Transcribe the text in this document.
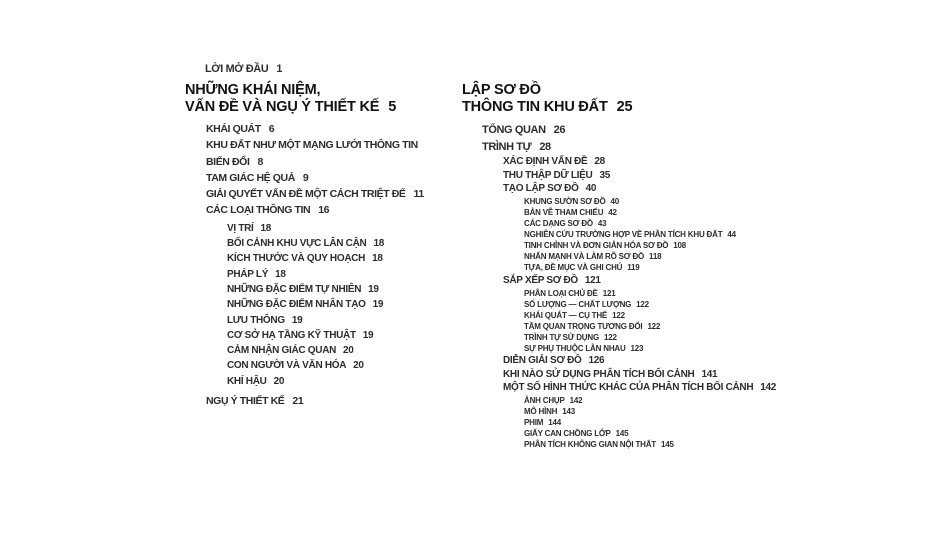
LỜI MỞ ĐẦU 1
NHỮNG KHÁI NIỆM,
VẤN ĐỀ VÀ NGỤ Ý THIẾT KẾ 5
KHÁI QUÁT 6
KHU ĐẤT NHƯ MỘT MẠNG LƯỚI THÔNG TIN
BIẾN ĐỔI 8
TAM GIÁC HỆ QUẢ 9
GIẢI QUYẾT VẤN ĐỀ MỘT CÁCH TRIỆT ĐỂ 11
CÁC LOẠI THÔNG TIN 16
VỊ TRÍ 18
BỐI CẢNH KHU VỰC LÂN CẬN 18
KÍCH THƯỚC VÀ QUY HOẠCH 18
PHÁP LÝ 18
NHỮNG ĐẶC ĐIỂM TỰ NHIÊN 19
NHỮNG ĐẶC ĐIỂM NHÂN TẠO 19
LƯU THÔNG 19
CƠ SỞ HẠ TẦNG KỸ THUẬT 19
CẢM NHẬN GIÁC QUAN 20
CON NGƯỜI VÀ VĂN HÓA 20
KHÍ HẬU 20
NGỤ Ý THIẾT KẾ 21
LẬP SƠ ĐỒ
THÔNG TIN KHU ĐẤT 25
TỔNG QUAN 26
TRÌNH TỰ 28
XÁC ĐỊNH VẤN ĐỀ 28
THU THẬP DỮ LIỆU 35
TẠO LẬP SƠ ĐỒ 40
KHUNG SƯỜN SƠ ĐỒ 40
BẢN VẼ THAM CHIẾU 42
CÁC DẠNG SƠ ĐỒ 43
NGHIÊN CỨU TRƯỜNG HỢP VỀ PHÂN TÍCH KHU ĐẤT 44
TINH CHỈNH VÀ ĐƠN GIẢN HÓA SƠ ĐỒ 108
NHẤN MẠNH VÀ LÀM RÕ SƠ ĐỒ 118
TỰA, ĐỀ MỤC VÀ GHI CHÚ 119
SẮP XẾP SƠ ĐỒ 121
PHÂN LOẠI CHỦ ĐỀ 121
SỐ LƯỢNG — CHẤT LƯỢNG 122
KHÁI QUÁT — CỤ THỂ 122
TẦM QUAN TRỌNG TƯƠNG ĐỐI 122
TRÌNH TỰ SỬ DỤNG 122
SỰ PHỤ THUỘC LẪN NHAU 123
DIỄN GIẢI SƠ ĐỒ 126
KHI NÀO SỬ DỤNG PHÂN TÍCH BỐI CẢNH 141
MỘT SỐ HÌNH THỨC KHÁC CỦA PHÂN TÍCH BỐI CẢNH 142
ẢNH CHỤP 142
MÔ HÌNH 143
PHIM 144
GIẤY CAN CHỒNG LỚP 145
PHÂN TÍCH KHÔNG GIAN NỘI THẤT 145
